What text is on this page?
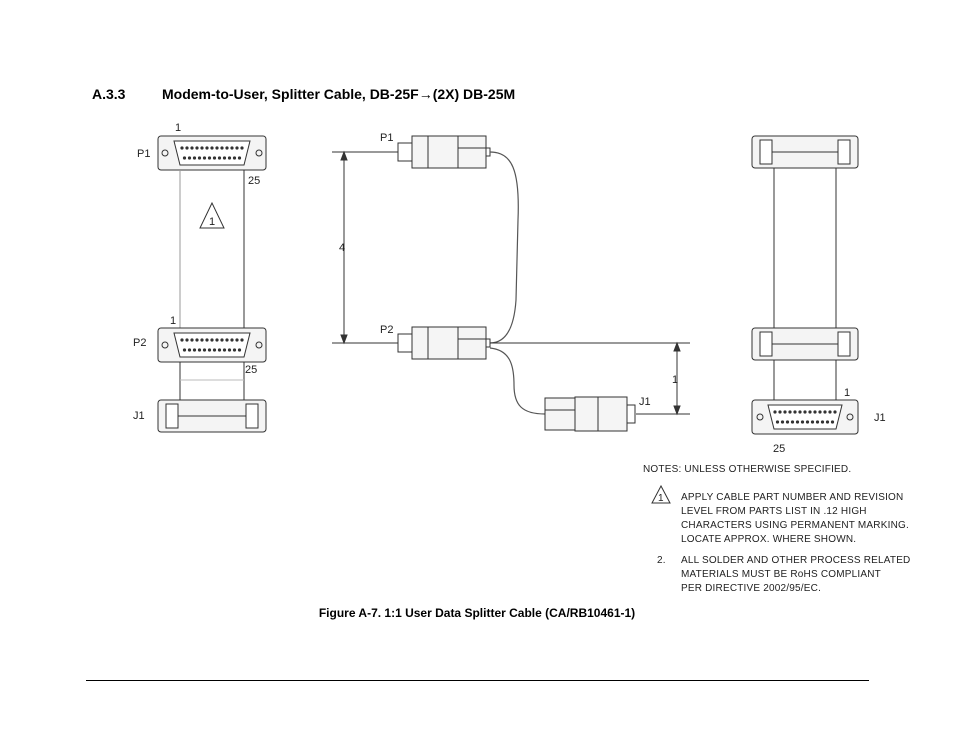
A.3.3	Modem-to-User, Splitter Cable, DB-25F→(2X) DB-25M
P1
1
25
1
1
P2
25
J1
P1
P2
4
J1
1
1
J1
25
NOTES: UNLESS OTHERWISE SPECIFIED.
1 APPLY CABLE PART NUMBER AND REVISION
LEVEL FROM PARTS LIST IN .12 HIGH
CHARACTERS USING PERMANENT MARKING.
LOCATE APPROX. WHERE SHOWN.
2. ALL SOLDER AND OTHER PROCESS RELATED
MATERIALS MUST BE RoHS COMPLIANT
PER DIRECTIVE 2002/95/EC.
Figure A-7. 1:1 User Data Splitter Cable (CA/RB10461-1)
